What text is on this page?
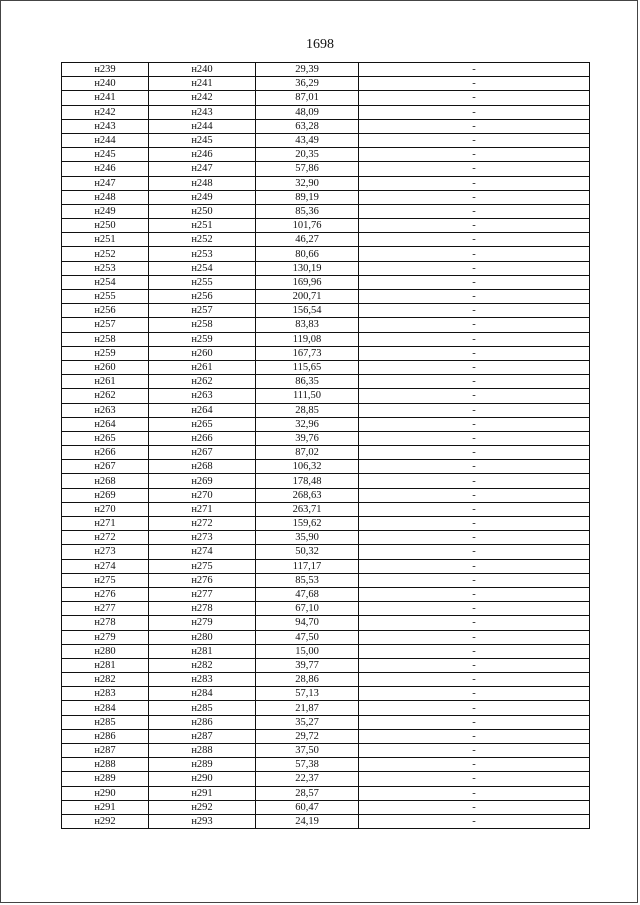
1698
н239	н240	29,39	-
н240	н241	36,29	-
н241	н242	87,01	-
н242	н243	48,09	-
н243	н244	63,28	-
н244	н245	43,49	-
н245	н246	20,35	-
н246	н247	57,86	-
н247	н248	32,90	-
н248	н249	89,19	-
н249	н250	85,36	-
н250	н251	101,76	-
н251	н252	46,27	-
н252	н253	80,66	-
н253	н254	130,19	-
н254	н255	169,96	-
н255	н256	200,71	-
н256	н257	156,54	-
н257	н258	83,83	-
н258	н259	119,08	-
н259	н260	167,73	-
н260	н261	115,65	-
н261	н262	86,35	-
н262	н263	111,50	-
н263	н264	28,85	-
н264	н265	32,96	-
н265	н266	39,76	-
н266	н267	87,02	-
н267	н268	106,32	-
н268	н269	178,48	-
н269	н270	268,63	-
н270	н271	263,71	-
н271	н272	159,62	-
н272	н273	35,90	-
н273	н274	50,32	-
н274	н275	117,17	-
н275	н276	85,53	-
н276	н277	47,68	-
н277	н278	67,10	-
н278	н279	94,70	-
н279	н280	47,50	-
н280	н281	15,00	-
н281	н282	39,77	-
н282	н283	28,86	-
н283	н284	57,13	-
н284	н285	21,87	-
н285	н286	35,27	-
н286	н287	29,72	-
н287	н288	37,50	-
н288	н289	57,38	-
н289	н290	22,37	-
н290	н291	28,57	-
н291	н292	60,47	-
н292	н293	24,19	-
